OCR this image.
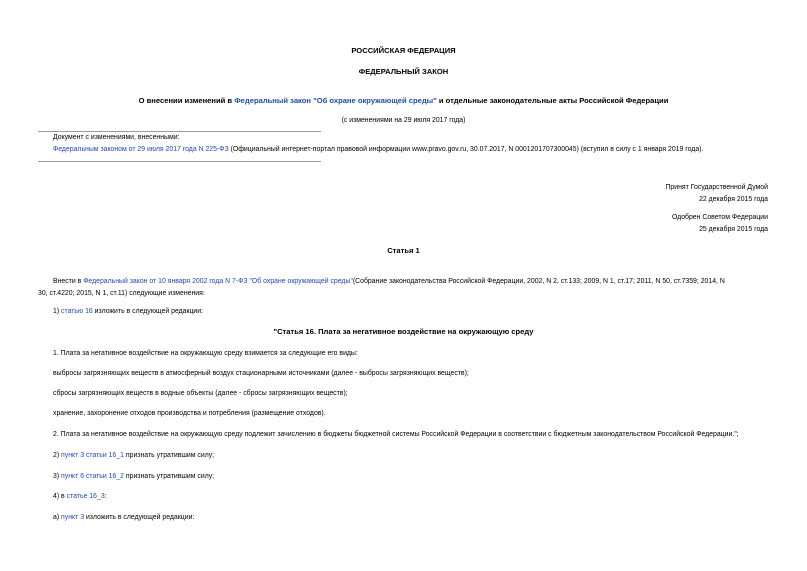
РОССИЙСКАЯ ФЕДЕРАЦИЯ
ФЕДЕРАЛЬНЫЙ ЗАКОН
О внесении изменений в Федеральный закон "Об охране окружающей среды" и отдельные законодательные акты Российской Федерации
(с изменениями на 29 июля 2017 года)
Документ с изменениями, внесенными:
Федеральным законом от 29 июля 2017 года N 225-ФЗ (Официальный интернет-портал правовой информации www.pravo.gov.ru, 30.07.2017, N 0001201707300045) (вступил в силу с 1 января 2019 года).
Принят Государственной Думой
22 декабря 2015 года
Одобрен Советом Федерации
25 декабря 2015 года
Статья 1
Внести в Федеральный закон от 10 января 2002 года N 7-ФЗ "Об охране окружающей среды"(Собрание законодательства Российской Федерации, 2002, N 2, ст.133; 2009, N 1, ст.17; 2011, N 50, ст.7359; 2014, N
30, ст.4220; 2015, N 1, ст.11) следующие изменения:
1) статью 16 изложить в следующей редакции:
"Статья 16. Плата за негативное воздействие на окружающую среду
1. Плата за негативное воздействие на окружающую среду взимается за следующие его виды:
выбросы загрязняющих веществ в атмосферный воздух стационарными источниками (далее - выбросы загрязняющих веществ);
сбросы загрязняющих веществ в водные объекты (далее - сбросы загрязняющих веществ);
хранение, захоронение отходов производства и потребления (размещение отходов).
2. Плата за негативное воздействие на окружающую среду подлежит зачислению в бюджеты бюджетной системы Российской Федерации в соответствии с бюджетным законодательством Российской Федерации.";
2) пункт 3 статьи 16_1 признать утратившим силу;
3) пункт 6 статьи 16_2 признать утратившим силу;
4) в статье 16_3:
а) пункт 3 изложить в следующей редакции:
